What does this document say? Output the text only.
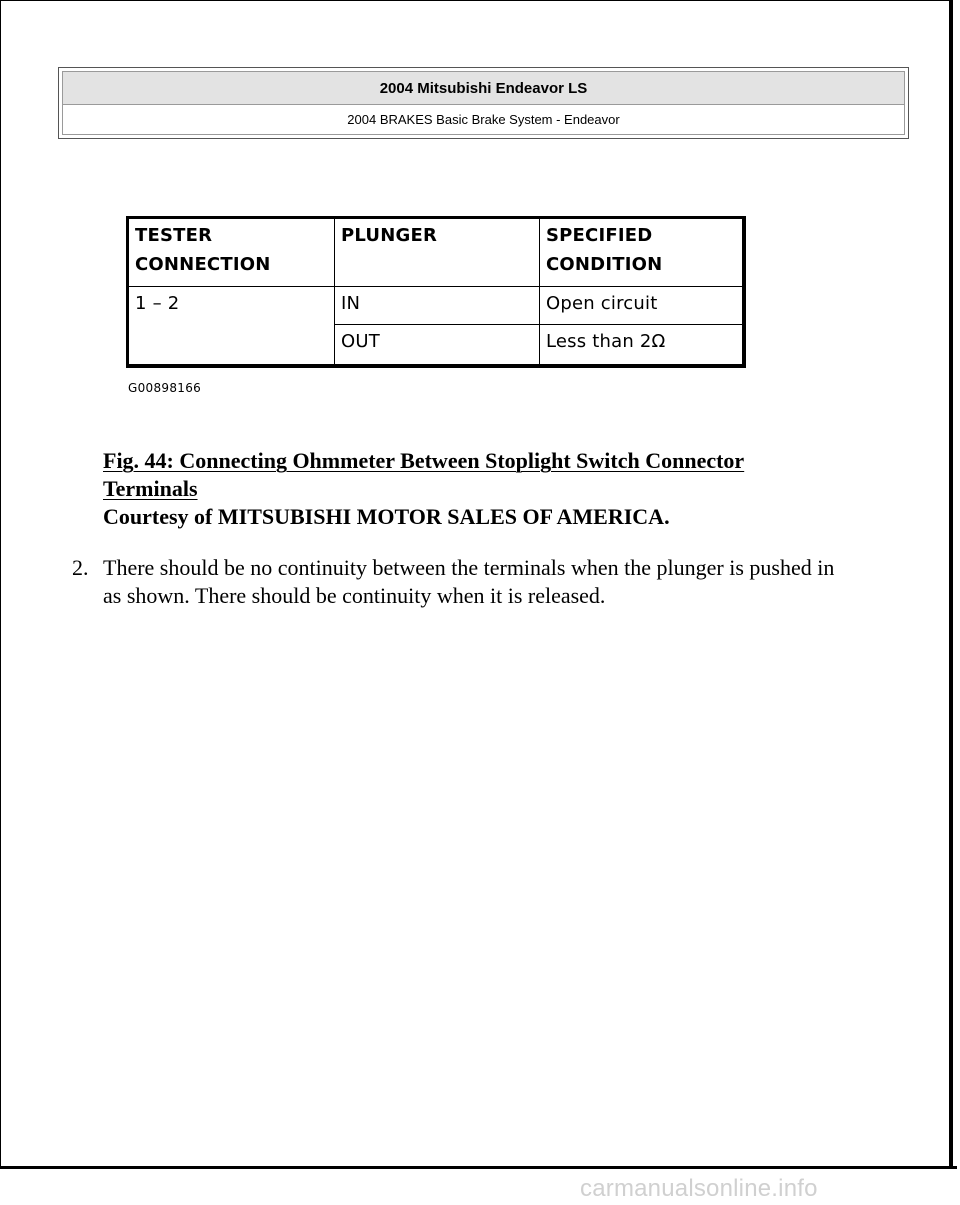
2004 Mitsubishi Endeavor LS
2004 BRAKES Basic Brake System - Endeavor
TESTER CONNECTION	PLUNGER	SPECIFIED CONDITION
1 – 2	IN	Open circuit
	OUT	Less than 2Ω
G00898166
Fig. 44: Connecting Ohmmeter Between Stoplight Switch Connector Terminals
Courtesy of MITSUBISHI MOTOR SALES OF AMERICA.
2. There should be no continuity between the terminals when the plunger is pushed in as shown. There should be continuity when it is released.
carmanualsonline.info
